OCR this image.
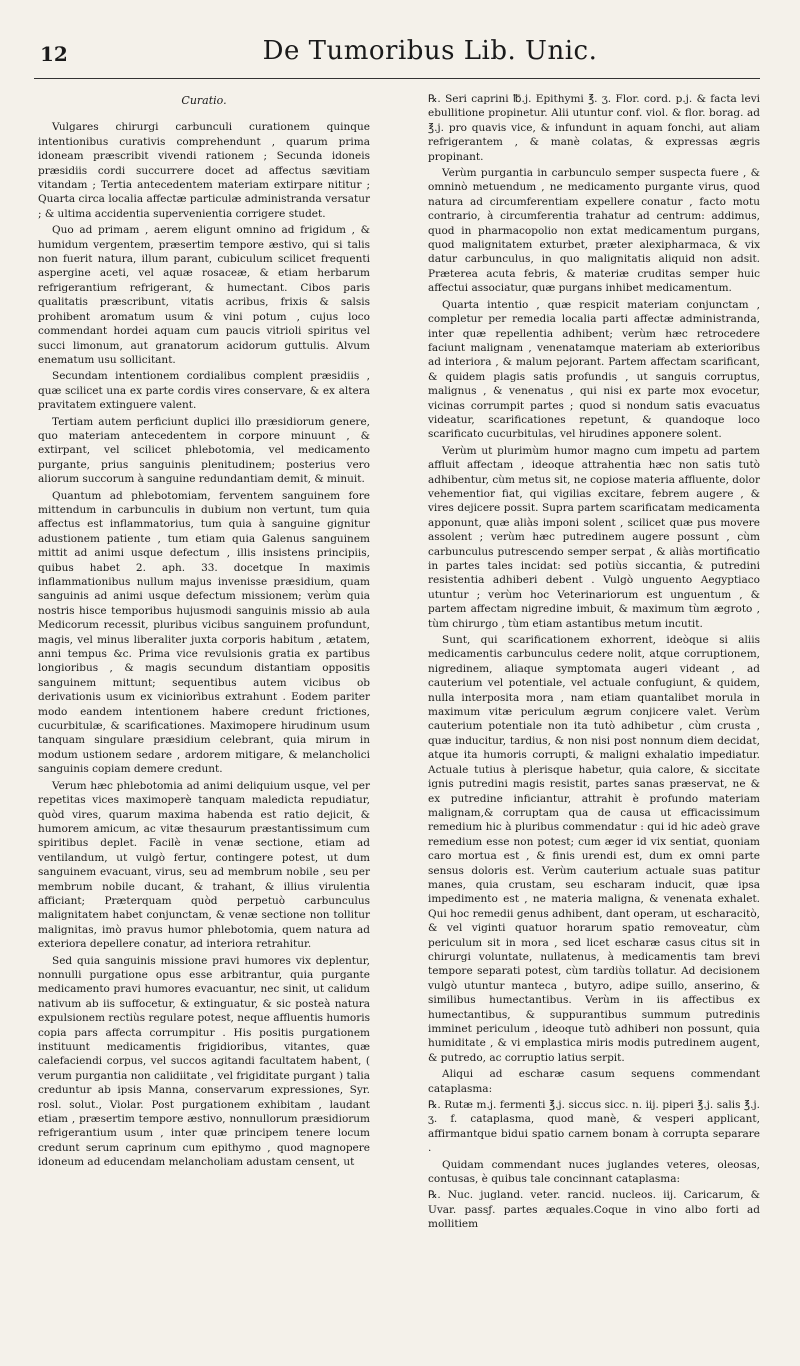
12	De Tumoribus Lib. Unic.
Curatio.

Vulgares chirurgi carbunculi curationem quinque intentionibus curativis comprehendunt , quarum prima idoneam præscribit vivendi rationem ; Secunda idoneis præsidiis cordi succurrere docet ad affectus sævitiam vitandam ; Tertia antecedentem materiam extirpare nititur ; Quarta circa localia affectæ particulæ administranda versatur ; & ultima accidentia supervenientia corrigere studet.

Quo ad primam , aerem eligunt omnino ad frigidum , & humidum vergentem, præsertim tempore æstivo, qui si talis non fuerit natura, illum parant, cubiculum scilicet frequenti aspergine aceti, vel aquæ rosaceæ, & etiam herbarum refrigerantium refrigerant, & humectant. Cibos paris qualitatis præscribunt, vitatis acribus, frixis & salsis prohibent aromatum usum & vini potum , cujus loco commendant hordei aquam cum paucis vitrioli spiritus vel succi limonum, aut granatorum acidorum guttulis. Alvum enematum usu sollicitant.

Secundam intentionem cordialibus complent præsidiis , quæ scilicet una ex parte cordis vires conservare, & ex altera pravitatem extinguere valent.

Tertiam autem perficiunt duplici illo præsidiorum genere, quo materiam antecedentem in corpore minuunt , & extirpant, vel scilicet phlebotomia, vel medicamento purgante, prius sanguinis plenitudinem; posterius vero aliorum succorum à sanguine redundantiam demit, & minuit.

Quantum ad phlebotomiam, ferventem sanguinem fore mittendum in carbunculis in dubium non vertunt, tum quia affectus est inflammatorius, tum quia à sanguine gignitur adustionem patiente , tum etiam quia Galenus sanguinem mittit ad animi usque defectum , illis insistens principiis, quibus habet 2. aph. 33. docetque In maximis inflammationibus nullum majus invenisse præsidium, quam sanguinis ad animi usque defectum missionem; verùm quia nostris hisce temporibus hujusmodi sanguinis missio ab aula Medicorum recessit, pluribus vicibus sanguinem profundunt, magis, vel minus liberaliter juxta corporis habitum , ætatem, anni tempus &c. Prima vice revulsionis gratia ex partibus longioribus , & magis secundum distantiam oppositis sanguinem mittunt; sequentibus autem vicibus ob derivationis usum ex viciniorìbus extrahunt . Eodem pariter modo eandem intentionem habere credunt frictiones, cucurbitulæ, & scarificationes. Maximopere hirudinum usum tanquam singulare præsidium celebrant, quia mirum in modum ustionem sedare , ardorem mitigare, & melancholici sanguinis copiam demere credunt.

Verum hæc phlebotomia ad animi deliquium usque, vel per repetitas vices maximoperè tanquam maledicta repudiatur, quòd vires, quarum maxima habenda est ratio dejicit, & humorem amicum, ac vitæ thesaurum præstantissimum cum spiritibus deplet. Facilè in venæ sectione, etiam ad ventilandum, ut vulgò fertur, contingere potest, ut dum sanguinem evacuant, virus, seu ad membrum nobile , seu per membrum nobile ducant, & trahant, & illius virulentia afficiant; Præterquam quòd perpetuò carbunculus malignitatem habet conjunctam, & venæ sectione non tollitur malignitas, imò pravus humor phlebotomia, quem natura ad exteriora depellere conatur, ad interiora retrahitur.

Sed quia sanguinis missione pravi humores vix deplentur, nonnulli purgatione opus esse arbitrantur, quia purgante medicamento pravi humores evacuantur, nec sinit, ut calidum nativum ab iis suffocetur, & extinguatur, & sic posteà natura expulsionem rectiùs regulare potest, neque affluentis humoris copia pars affecta corrumpitur . His positis purgationem instituunt medicamentis frigidioribus, vitantes, quæ calefaciendi corpus, vel succos agitandi facultatem habent, ( verum purgantia non calidiitate , vel frigiditate purgant ) talia creduntur ab ipsis Manna, conservarum expressiones, Syr. rosl. solut., Violar. Post purgationem exhibitam , laudant etiam , præsertim tempore æstivo, nonnullorum præsidiorum refrigerantium usum , inter quæ principem tenere locum credunt serum caprinum cum epithymo , quod magnopere idoneum ad educendam melancholiam adustam censent, ut

℞. Seri caprini ℔.j. Epithymi ℥. ʒ. Flor. cord. p.j. & facta levi ebullitione propinetur. Alii utuntur conf. viol. & flor. borag. ad ℥.j. pro quavis vice, & infundunt in aquam fonchi, aut aliam refrigerantem , & manè colatas, & expressas ægris propinant.

Verùm purgantia in carbunculo semper suspecta fuere , & omninò metuendum , ne medicamento purgante virus, quod natura ad circumferentiam expellere conatur , facto motu contrario, à circumferentia trahatur ad centrum: addimus, quod in pharmacopolio non extat medicamentum purgans, quod malignitatem exturbet, præter alexipharmaca, & vix datur carbunculus, in quo malignitatis aliquid non adsit. Præterea acuta febris, & materiæ cruditas semper huic affectui associatur, quæ purgans inhibet medicamentum.

Quarta intentio , quæ respicit materiam conjunctam , completur per remedia localia parti affectæ administranda, inter quæ repellentia adhibent; verùm hæc retrocedere faciunt malignam , venenatamque materiam ab exterioribus ad interiora , & malum pejorant. Partem affectam scarificant, & quidem plagis satis profundis , ut sanguis corruptus, malignus , & venenatus , qui nisi ex parte mox evocetur, vicinas corrumpit partes ; quod si nondum satis evacuatus videatur, scarificationes repetunt, & quandoque loco scarificato cucurbitulas, vel hirudines apponere solent.

Verùm ut plurimùm humor magno cum impetu ad partem affluit affectam , ideoque attrahentia hæc non satis tutò adhibentur, cùm metus sit, ne copiose materia affluente, dolor vehementior fiat, qui vigilias excitare, febrem augere , & vires dejicere possit. Supra partem scarificatam medicamenta apponunt, quæ aliàs imponi solent , scilicet quæ pus movere assolent ; verùm hæc putredinem augere possunt , cùm carbunculus putrescendo semper serpat , & aliàs mortificatio in partes tales incidat: sed potiùs siccantia, & putredini resistentia adhiberi debent . Vulgò unguento Aegyptiaco utuntur ; verùm hoc Veterinariorum est unguentum , & partem affectam nigredine imbuit, & maximum tùm ægroto , tùm chirurgo , tùm etiam astantibus metum incutit.

Sunt, qui scarificationem exhorrent, ideòque si aliis medicamentis carbunculus cedere nolit, atque corruptionem, nigredinem, aliaque symptomata augeri videant , ad cauterium vel potentiale, vel actuale confugiunt, & quidem, nulla interposita mora , nam etiam quantalibet morula in maximum vitæ periculum ægrum conjicere valet. Verùm cauterium potentiale non ita tutò adhibetur , cùm crusta , quæ inducitur, tardius, & non nisi post nonnum diem decidat, atque ita humoris corrupti, & maligni exhalatio impediatur. Actuale tutius à plerisque habetur, quia calore, & siccitate ignis putredini magis resistit, partes sanas præservat, ne & ex putredine inficiantur, attrahit è profundo materiam malignam,& corruptam qua de causa ut efficacissimum remedium hic à pluribus commendatur : qui id hic adeò grave remedium esse non potest; cum æger id vix sentiat, quoniam caro mortua est , & finis urendi est, dum ex omni parte sensus doloris est. Verùm cauterium actuale suas patitur manes, quia crustam, seu escharam inducit, quæ ipsa impedimento est , ne materia maligna, & venenata exhalet. Qui hoc remedii genus adhibent, dant operam, ut escharacitò, & vel viginti quatuor horarum spatio removeatur, cùm periculum sit in mora , sed licet escharæ casus citus sit in chirurgi voluntate, nullatenus, à medicamentis tam brevi tempore separati potest, cùm tardiùs tollatur. Ad decisionem vulgò utuntur manteca , butyro, adipe suillo, anserino, & similibus humectantibus. Verùm in iis affectibus ex humectantibus, & suppurantibus summum putredinis imminet periculum , ideoque tutò adhiberi non possunt, quia humiditate , & vi emplastica miris modis putredinem augent, & putredo, ac corruptio latius serpit.

Aliqui ad escharæ casum sequens commendant cataplasma:

℞. Rutæ m.j. fermenti ℥.j. siccus sicc. n. iij. piperi ℥.j. salis ℥.j. ʒ. f. cataplasma, quod manè, & vesperi applicant, affirmantque bidui spatio carnem bonam à corrupta separare .

Quidam commendant nuces juglandes veteres, oleosas, contusas, è quibus tale concinnant cataplasma:

℞. Nuc. jugland. veter. rancid. nucleos. iij. Caricarum, & Uvar. passƒ. partes æquales.Coque in vino albo forti ad mollitiem
